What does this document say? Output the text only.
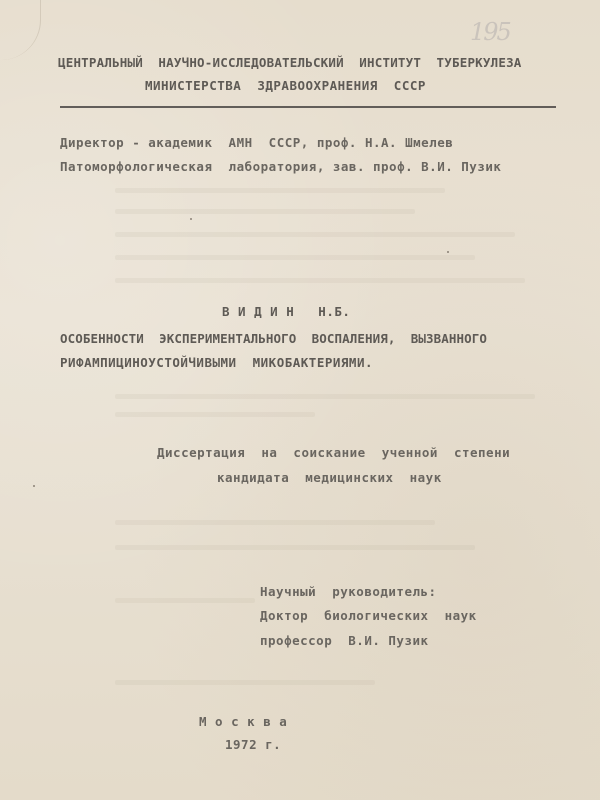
195
ЦЕНТРАЛЬНЫЙ  НАУЧНО-ИССЛЕДОВАТЕЛЬСКИЙ  ИНСТИТУТ  ТУБЕРКУЛЕЗА
МИНИСТЕРСТВА  ЗДРАВООХРАНЕНИЯ  СССР
Директор - академик  АМН  СССР, проф. Н.А. Шмелев
Патоморфологическая  лаборатория, зав. проф. В.И. Пузик
В И Д И Н   Н.Б.
ОСОБЕННОСТИ  ЭКСПЕРИМЕНТАЛЬНОГО  ВОСПАЛЕНИЯ,  ВЫЗВАННОГО
РИФАМПИЦИНОУСТОЙЧИВЫМИ  МИКОБАКТЕРИЯМИ.
Диссертация  на  соискание  ученной  степени
кандидата  медицинских  наук
Научный  руководитель:
Доктор  биологических  наук
профессор  В.И. Пузик
М о с к в а
1972 г.
